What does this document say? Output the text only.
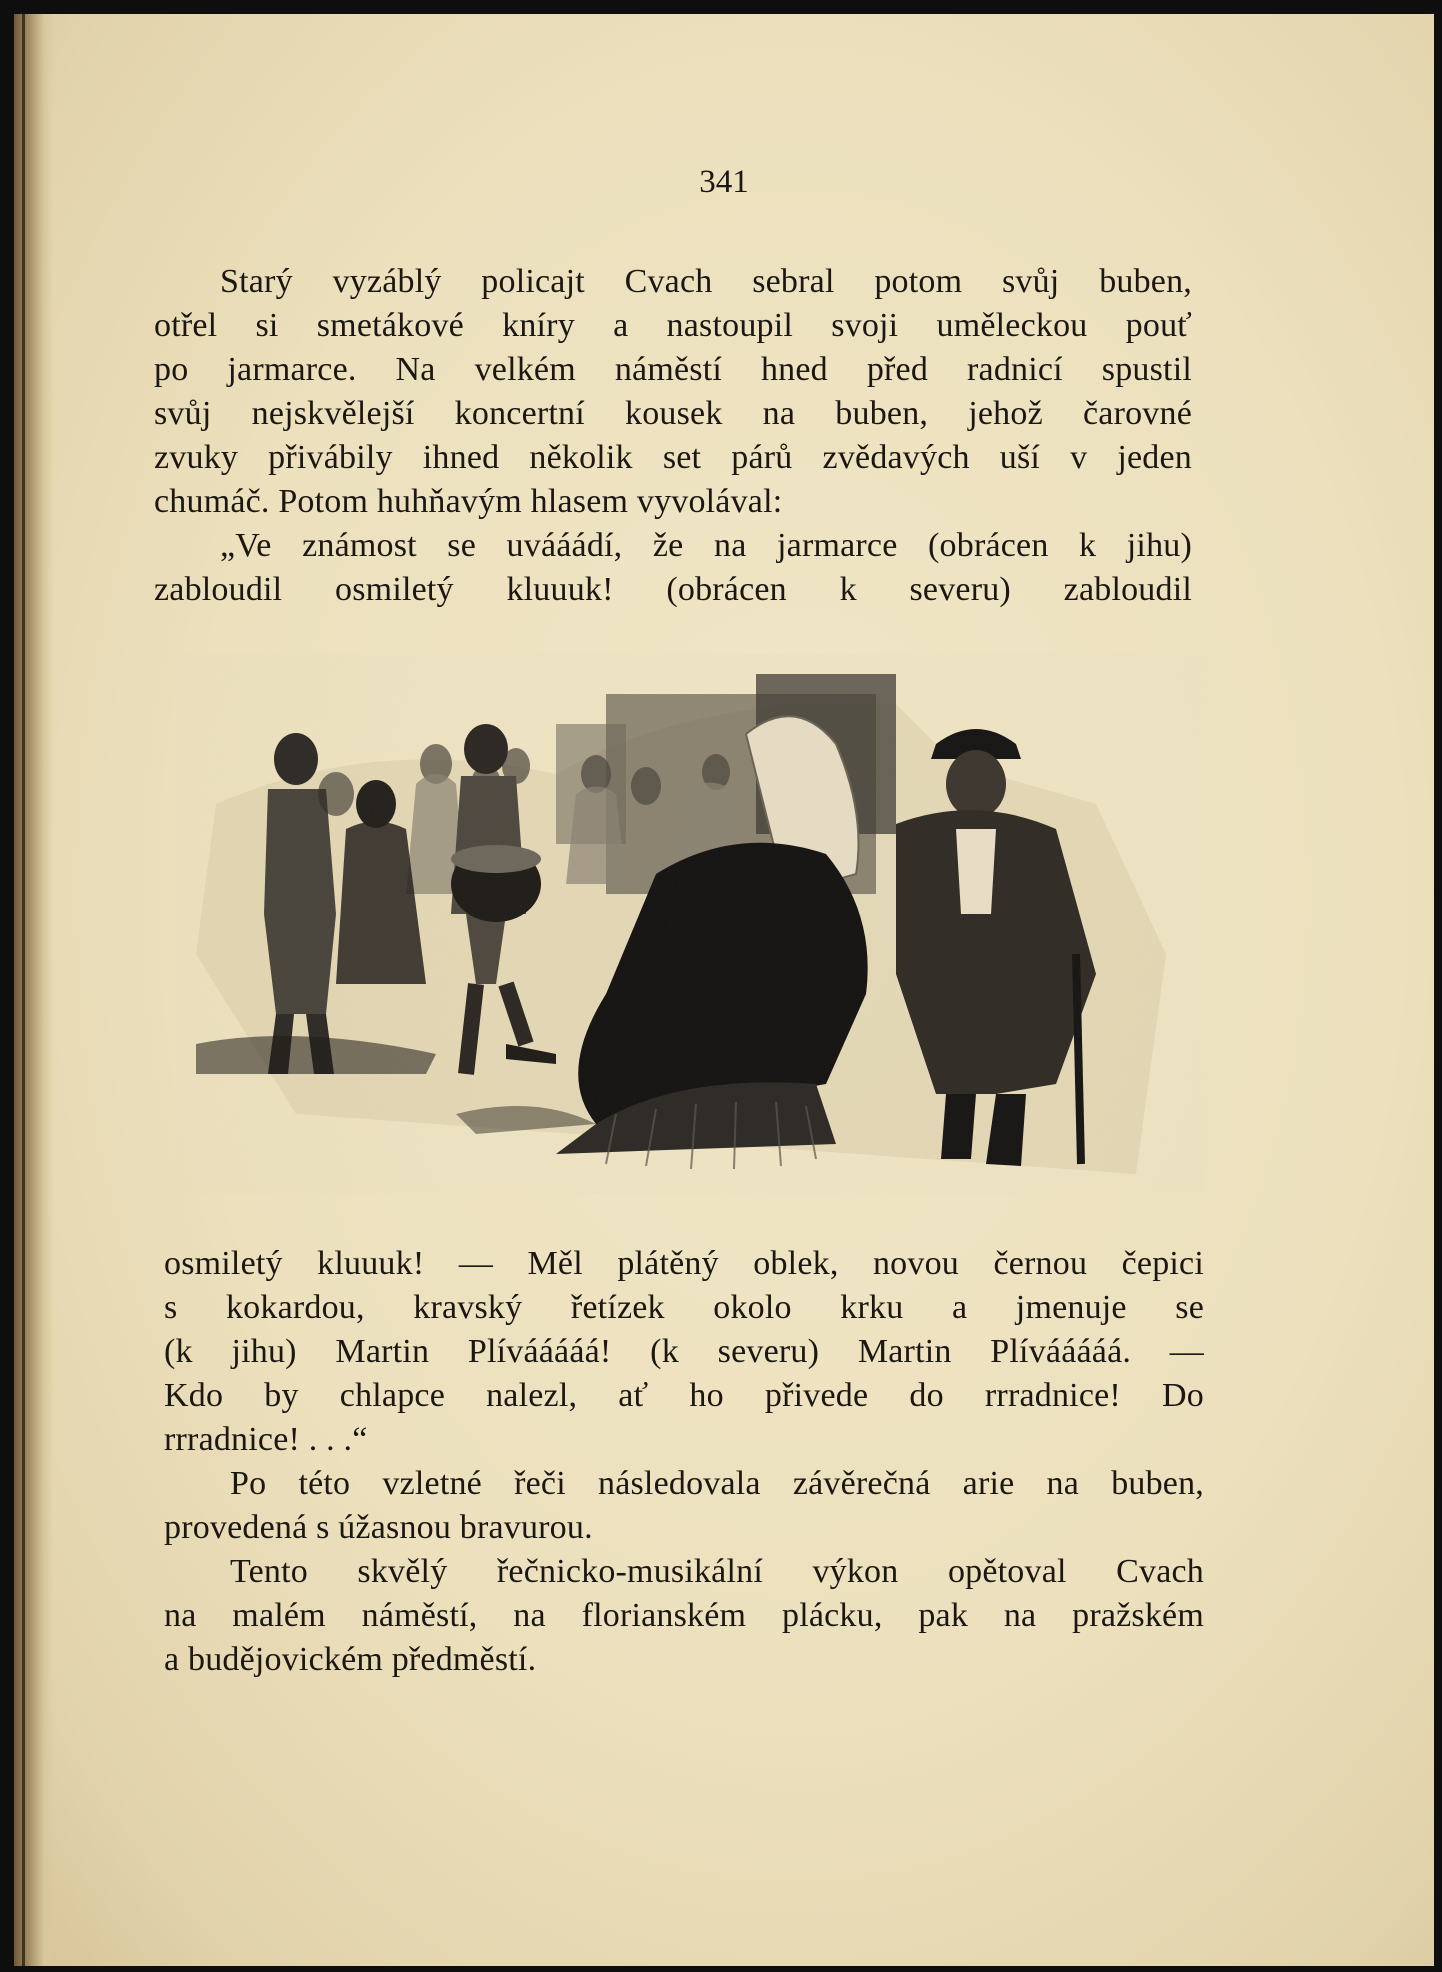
341
Starý vyzáblý policajt Cvach sebral potom svůj buben,
otřel si smetákové kníry a nastoupil svoji uměleckou pouť
po jarmarce. Na velkém náměstí hned před radnicí spustil
svůj nejskvělejší koncertní kousek na buben, jehož čarovné
zvuky přivábily ihned několik set párů zvědavých uší v jeden
chumáč. Potom huhňavým hlasem vyvolával:
„Ve známost se uvááádí, že na jarmarce (obrácen k jihu)
zabloudil osmiletý kluuuk! (obrácen k severu) zabloudil
osmiletý kluuuk! — Měl plátěný oblek, novou černou čepici
s kokardou, kravský řetízek okolo krku a jmenuje se
(k jihu) Martin Plívááááá! (k severu) Martin Plívááááá. —
Kdo by chlapce nalezl, ať ho přivede do rrradnice! Do
rrradnice! . . .“
Po této vzletné řeči následovala závěrečná arie na buben,
provedená s úžasnou bravurou.
Tento skvělý řečnicko-musikální výkon opětoval Cvach
na malém náměstí, na florianském plácku, pak na pražském
a budějovickém předměstí.
